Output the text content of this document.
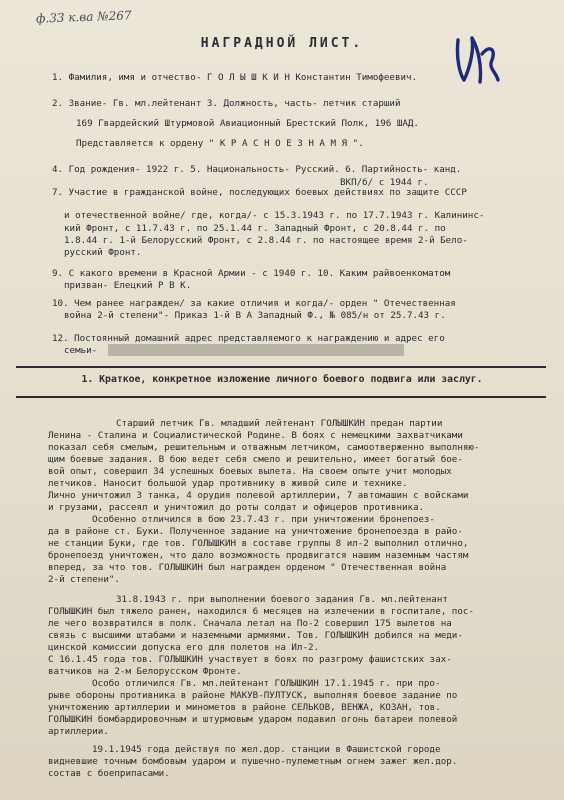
ф.33 к.ва №267
НАГРАДНОЙ ЛИСТ.
1. Фамилия, имя и отчество- Г О Л Ы Ш К И Н Константин Тимофеевич.
2. Звание- Гв. мл.лейтенант 3. Должность, часть- летчик старший
169 Гвардейский Штурмовой Авиационный Брестский Полк, 196 ШАД.
Представляется к ордену " К Р А С Н О Е З Н А М Я ".
4. Год рождения- 1922 г. 5. Национальность- Русский. 6. Партийность- канд.
ВКП/б/ с 1944 г.
7. Участие в гражданской войне, последующих боевых действиях по защите СССР
и отечественной войне/ где, когда/- с 15.3.1943 г. по 17.7.1943 г. Калининс-
кий Фронт, с 11.7.43 г. по 25.1.44 г. Западный Фронт, с 20.8.44 г. по
1.8.44 г. 1-й Белорусский Фронт, с 2.8.44 г. по настоящее время 2-й Бело-
русский Фронт.
9. С какого времени в Красной Армии - с 1940 г. 10. Каким райвоенкоматом
призван- Елецкий Р В К.
10. Чем ранее награжден/ за какие отличия и когда/- орден " Отечественная
война 2-й степени"- Приказ 1-й В А Западный Ф., № 085/н от 25.7.43 г.
12. Постоянный домашний адрес представляемого к награждению и адрес его
семьи-
1. Краткое, конкретное изложение личного боевого подвига или заслуг.
Старший летчик Гв. младший лейтенант ГОЛЫШКИН предан партии
Ленина - Сталина и Социалистической Родине. В боях с немецкими захватчиками
показал себя смелым, решительным и отважным летчиком, самоотверженно выполняю-
щим боевые задания. В бою ведет себя смело и решительно, имеет богатый бое-
вой опыт, совершил 34 успешных боевых вылета. На своем опыте учит молодых
летчиков. Наносит большой удар противнику в живой силе и технике.
Лично уничтожил 3 танка, 4 орудия полевой артиллерии, 7 автомашин с войсками
и грузами, рассеял и уничтожил до роты солдат и офицеров противника.
Особенно отличился в бою 23.7.43 г. при уничтожении бронепоез-
да в районе ст. Буки. Полученное задание на уничтожение бронепоезда в райо-
не станции Буки, где тов. ГОЛЫШКИН в составе группы 8 ил-2 выполнил отлично,
бронепоезд уничтожен, что дало возможность продвигатся нашим наземным частям
вперед, за что тов. ГОЛЫШКИН был награжден орденом " Отечественная война
2-й степени".
31.8.1943 г. при выполнении боевого задания Гв. мл.лейтенант
ГОЛЫШКИН был тяжело ранен, находился 6 месяцев на излечении в госпитале, пос-
ле чего возвратился в полк. Сначала летал на По-2 совершил 175 вылетов на
связь с высшими штабами и наземными армиями. Тов. ГОЛЫШКИН добился на меди-
цинской комиссии допуска его для полетов на Ил-2.
С 16.1.45 года тов. ГОЛЫШКИН участвует в боях по разгрому фашистских зах-
ватчиков на 2-м Белорусском Фронте.
Особо отличился Гв. мл.лейтенант ГОЛЫШКИН 17.1.1945 г. при про-
рыве обороны противника в районе МАКУВ-ПУЛТУСК, выполняя боевое задание по
уничтожению артиллерии и минометов в районе СЕЛЬКОВ, ВЕНЖА, КОЗАН, тов.
ГОЛЫШКИН бомбардировочным и штурмовым ударом подавил огонь батареи полевой
артиллерии.
19.1.1945 года действуя по жел.дор. станции в Фашистской городе
видневшие точным бомбовым ударом и пушечно-пулеметным огнем зажег жел.дор.
состав с боеприпасами.
